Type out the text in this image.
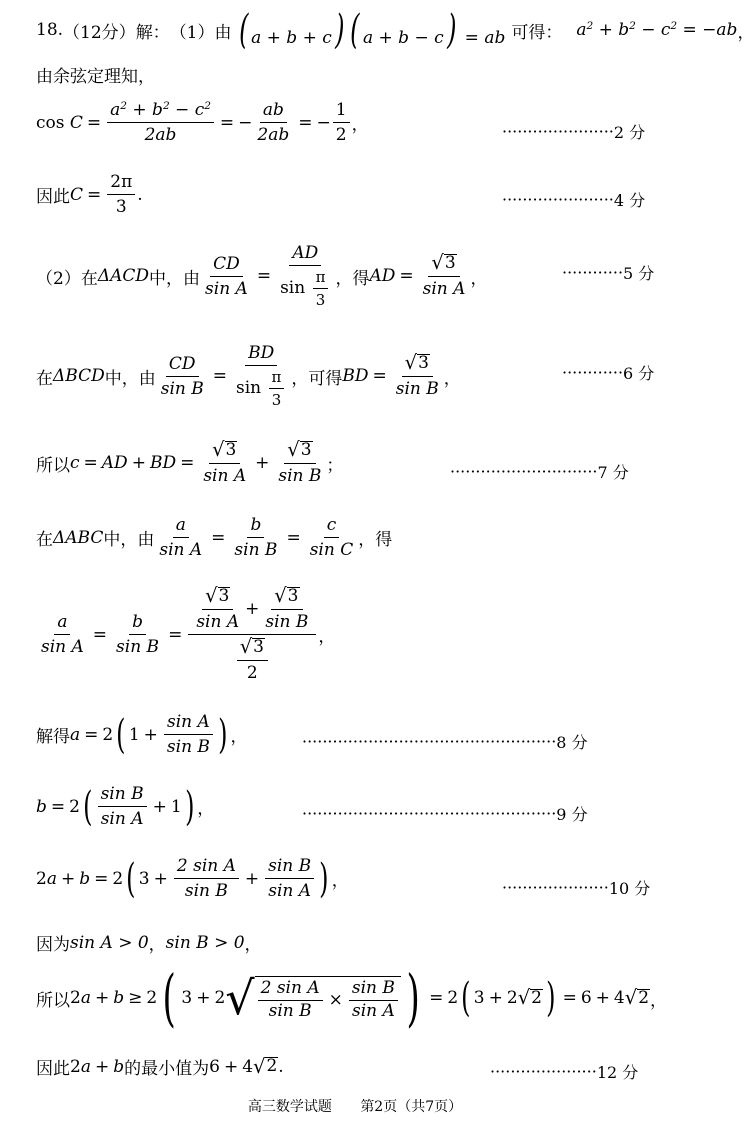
18 . （12分） 解： （1） 由 ( a + b + c) ( a + b − c) = ab 可得： $a^2 + b^2 - c^2 = -ab$ ，
由余弦定理知，
cos
$C = \frac{a^2 + b^2 - c^2}{2ab}$ = − $\frac{ab}{2ab}$ = − $\frac{1}{2}$ ，	······················ 2 分
因此 $C = \frac{2\pi}{3}$ .	······················ 4 分
（2） 在 ΔACD 中，由 $\frac{CD}{\text{sin A}} = \frac{AD}{\sin \frac{\pi}{3}}$ ，得 AD = $\frac{√ 3}{\text{sin A}}$ ，	············ 5 分
在 ΔBCD 中，由 $\frac{CD}{\text{sin B}} = \frac{BD}{\sin \frac{\pi}{3}}$ ，可得 BD = $\frac{√ 3}{\text{sin B}}$ ，	············ 6 分
所以 c = AD + BD = $\frac{√ 3}{\text{sin A}} + \frac{√ 3}{\text{sin B}}$ ；	····························· 7 分
在 ΔABC 中，由 $\frac{a}{\text{sin A}} = \frac{b}{\text{sin B}} = \frac{c}{\text{sin C}}$ ，得
$\frac{a}{\text{sin A}} = \frac{b}{\text{sin B}} = \frac{\frac{√ 3}{\text{sin A}} + \frac{√ 3}{\text{sin B}}}{\frac{√ 3}{2}}$ ，
解得 a = 2 ( $1 + \frac{\text{sin A}}{\text{sin B}}$ ) ，	·················································· 8 分
b = 2 ( $\frac{\text{sin B}}{\text{sin A}} + 1$ ) ，	·················································· 9 分
2 a + b = 2 ( $3 + \frac{\text{2 sin A}}{\text{sin B}} + \frac{\text{sin B}}{\text{sin A}}$ ) ，	····················· 10 分
因为 sin A > 0 ， sin B > 0 ，
所以 2 a + b ≥ 2 ( 3 + 2 √ $\frac{\text{2 sin A}}{\text{sin B}} \times \frac{\text{sin B}}{\text{sin A}}$ ) = 2 ( 3 + 2 √ 2 ) = 6 + 4 √ 2 ，
因此 2 a + b 的最小值为 6 + 4 √ 2 .	····················· 12 分
高三数学试题 第2页（共7页）
